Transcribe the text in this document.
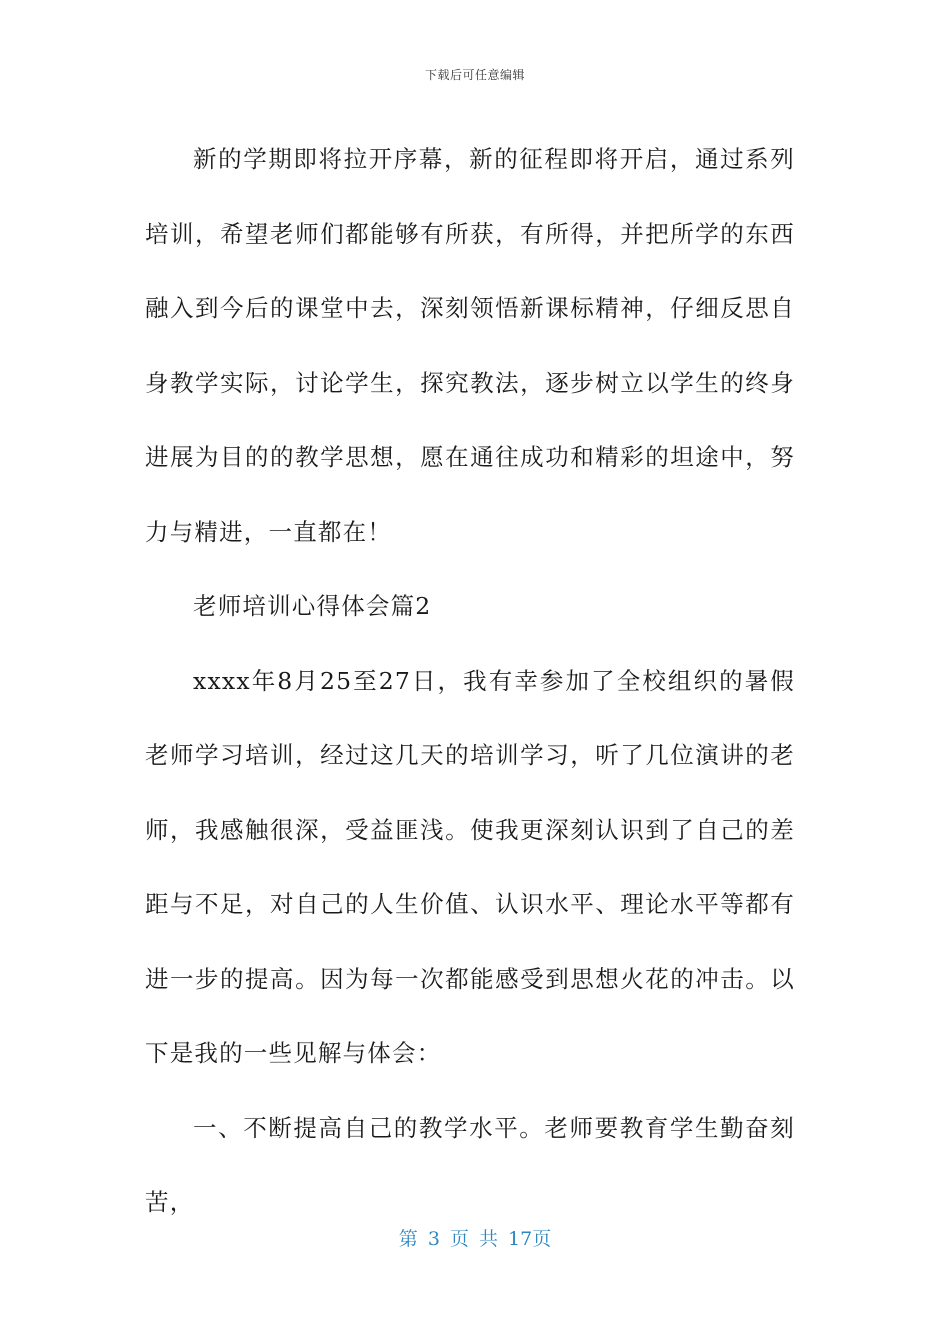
下载后可任意编辑

新的学期即将拉开序幕，新的征程即将开启，通过系列培训，希望老师们都能够有所获，有所得，并把所学的东西融入到今后的课堂中去，深刻领悟新课标精神，仔细反思自身教学实际，讨论学生，探究教法，逐步树立以学生的终身进展为目的的教学思想，愿在通往成功和精彩的坦途中，努力与精进，一直都在！

老师培训心得体会篇2

xxxx年8月25至27日，我有幸参加了全校组织的暑假老师学习培训，经过这几天的培训学习，听了几位演讲的老师，我感触很深，受益匪浅。使我更深刻认识到了自己的差距与不足，对自己的人生价值、认识水平、理论水平等都有进一步的提高。因为每一次都能感受到思想火花的冲击。以下是我的一些见解与体会：

一、不断提高自己的教学水平。老师要教育学生勤奋刻苦，

第 3 页 共 17页
